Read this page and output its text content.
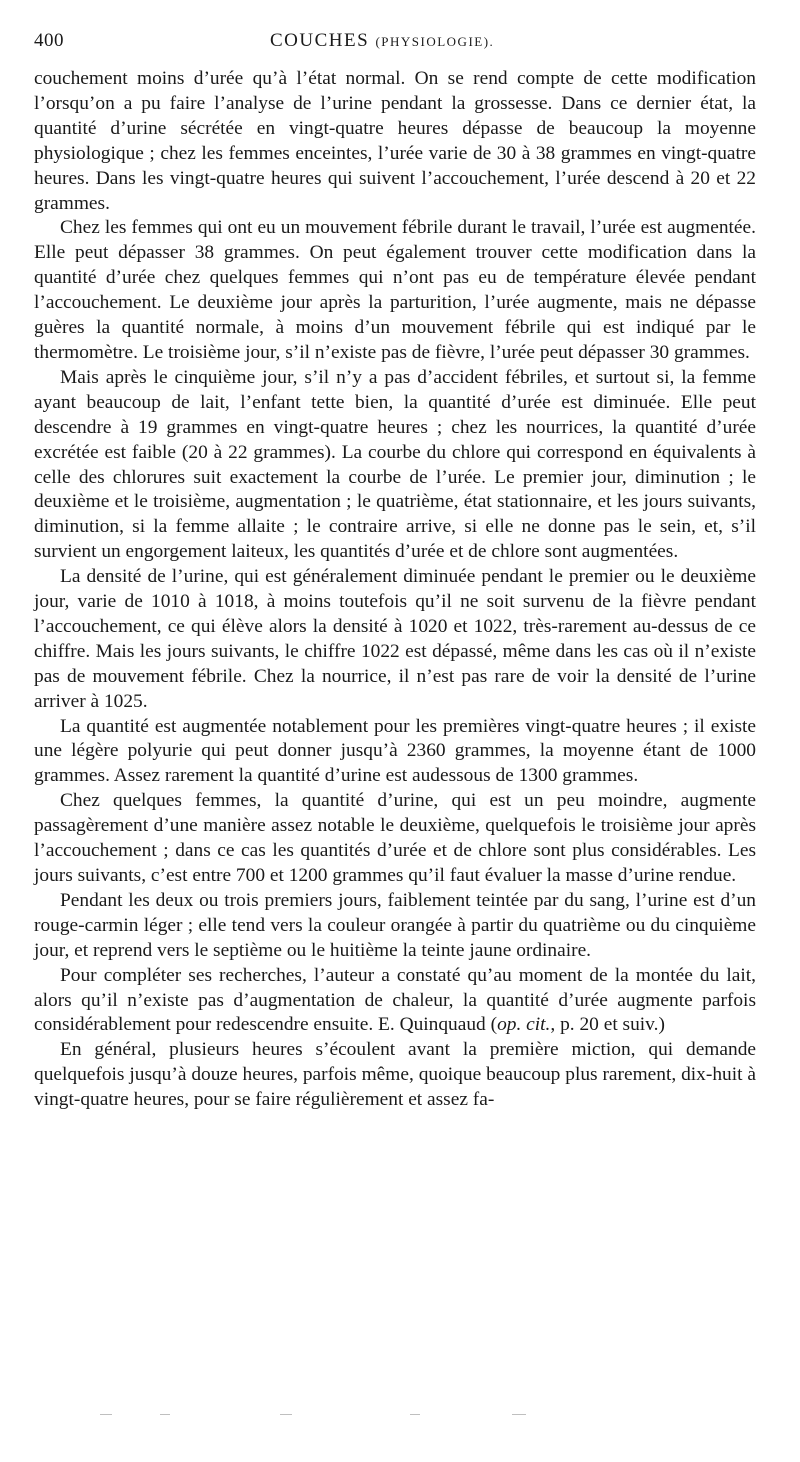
400	COUCHES (PHYSIOLOGIE).

couchement moins d’urée qu’à l’état normal. On se rend compte de cette modification l’orsqu’on a pu faire l’analyse de l’urine pendant la grossesse. Dans ce dernier état, la quantité d’urine sécrétée en vingt-quatre heures dépasse de beaucoup la moyenne physiologique ; chez les femmes enceintes, l’urée varie de 30 à 38 grammes en vingt-quatre heures. Dans les vingt-quatre heures qui suivent l’accouchement, l’urée descend à 20 et 22 grammes.

Chez les femmes qui ont eu un mouvement fébrile durant le travail, l’urée est augmentée. Elle peut dépasser 38 grammes. On peut également trouver cette modification dans la quantité d’urée chez quelques femmes qui n’ont pas eu de température élevée pendant l’accouchement. Le deuxième jour après la parturition, l’urée augmente, mais ne dépasse guères la quantité normale, à moins d’un mouvement fébrile qui est indiqué par le thermomètre. Le troisième jour, s’il n’existe pas de fièvre, l’urée peut dépasser 30 grammes.

Mais après le cinquième jour, s’il n’y a pas d’accident fébriles, et surtout si, la femme ayant beaucoup de lait, l’enfant tette bien, la quantité d’urée est diminuée. Elle peut descendre à 19 grammes en vingt-quatre heures ; chez les nourrices, la quantité d’urée excrétée est faible (20 à 22 grammes). La courbe du chlore qui correspond en équivalents à celle des chlorures suit exactement la courbe de l’urée. Le premier jour, diminution ; le deuxième et le troisième, augmentation ; le quatrième, état stationnaire, et les jours suivants, diminution, si la femme allaite ; le contraire arrive, si elle ne donne pas le sein, et, s’il survient un engorgement laiteux, les quantités d’urée et de chlore sont augmentées.

La densité de l’urine, qui est généralement diminuée pendant le premier ou le deuxième jour, varie de 1010 à 1018, à moins toutefois qu’il ne soit survenu de la fièvre pendant l’accouchement, ce qui élève alors la densité à 1020 et 1022, très-rarement au-dessus de ce chiffre. Mais les jours suivants, le chiffre 1022 est dépassé, même dans les cas où il n’existe pas de mouvement fébrile. Chez la nourrice, il n’est pas rare de voir la densité de l’urine arriver à 1025.

La quantité est augmentée notablement pour les premières vingt-quatre heures ; il existe une légère polyurie qui peut donner jusqu’à 2360 grammes, la moyenne étant de 1000 grammes. Assez rarement la quantité d’urine est audessous de 1300 grammes.

Chez quelques femmes, la quantité d’urine, qui est un peu moindre, augmente passagèrement d’une manière assez notable le deuxième, quelquefois le troisième jour après l’accouchement ; dans ce cas les quantités d’urée et de chlore sont plus considérables. Les jours suivants, c’est entre 700 et 1200 grammes qu’il faut évaluer la masse d’urine rendue.

Pendant les deux ou trois premiers jours, faiblement teintée par du sang, l’urine est d’un rouge-carmin léger ; elle tend vers la couleur orangée à partir du quatrième ou du cinquième jour, et reprend vers le septième ou le huitième la teinte jaune ordinaire.

Pour compléter ses recherches, l’auteur a constaté qu’au moment de la montée du lait, alors qu’il n’existe pas d’augmentation de chaleur, la quantité d’urée augmente parfois considérablement pour redescendre ensuite. E. Quinquaud (op. cit., p. 20 et suiv.)

En général, plusieurs heures s’écoulent avant la première miction, qui demande quelquefois jusqu’à douze heures, parfois même, quoique beaucoup plus rarement, dix-huit à vingt-quatre heures, pour se faire régulièrement et assez fa-
